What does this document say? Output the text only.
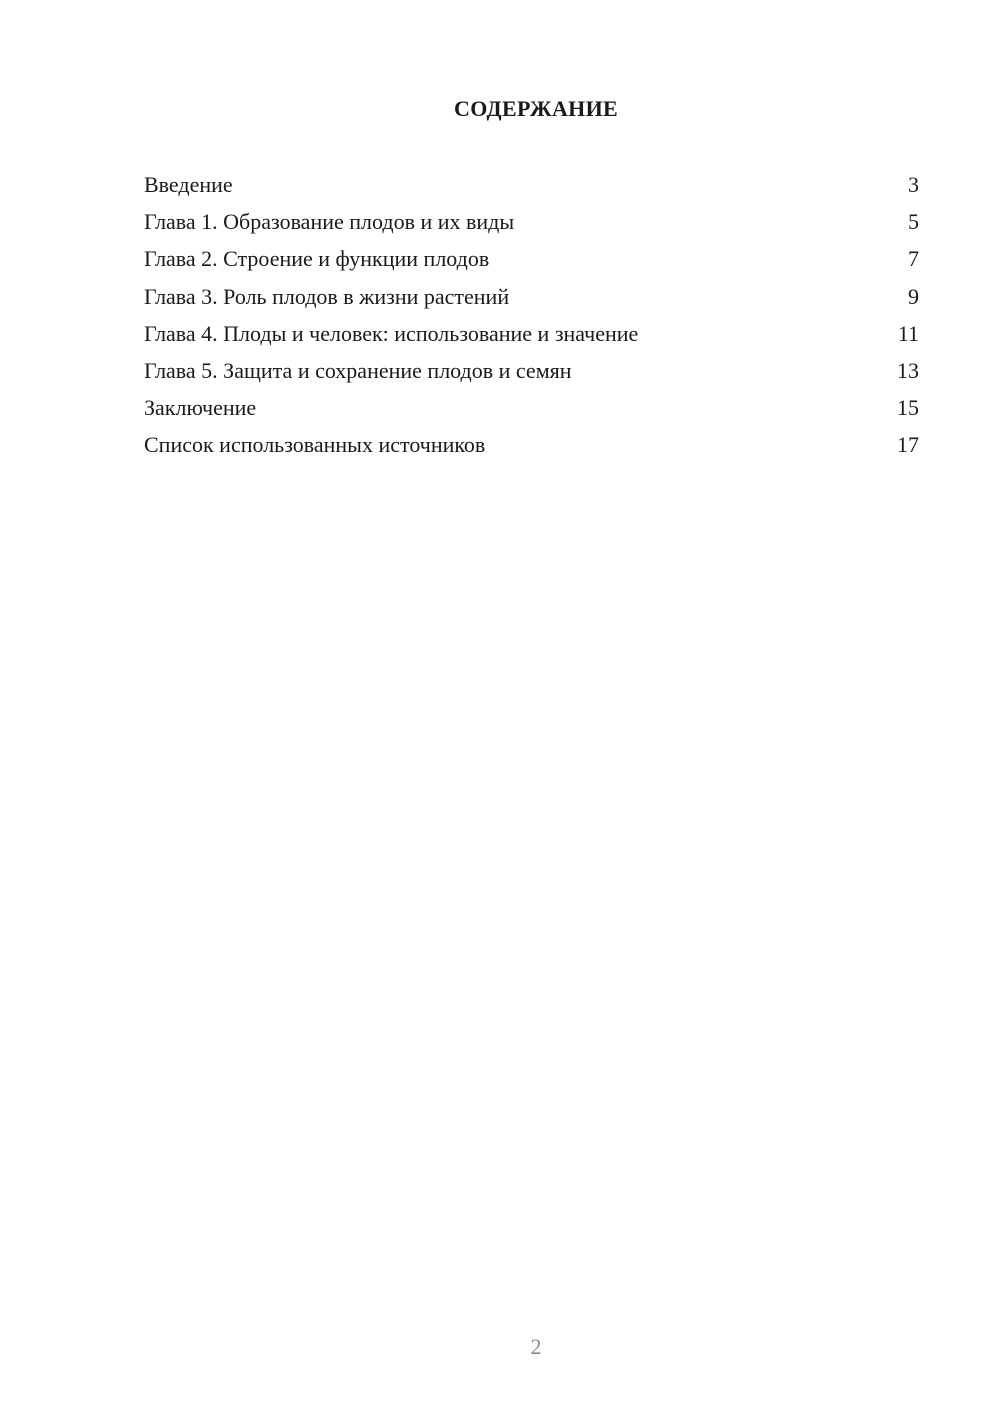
СОДЕРЖАНИЕ
Введение	3
Глава 1. Образование плодов и их виды	5
Глава 2. Строение и функции плодов	7
Глава 3. Роль плодов в жизни растений	9
Глава 4. Плоды и человек: использование и значение	11
Глава 5. Защита и сохранение плодов и семян	13
Заключение	15
Список использованных источников	17
2
